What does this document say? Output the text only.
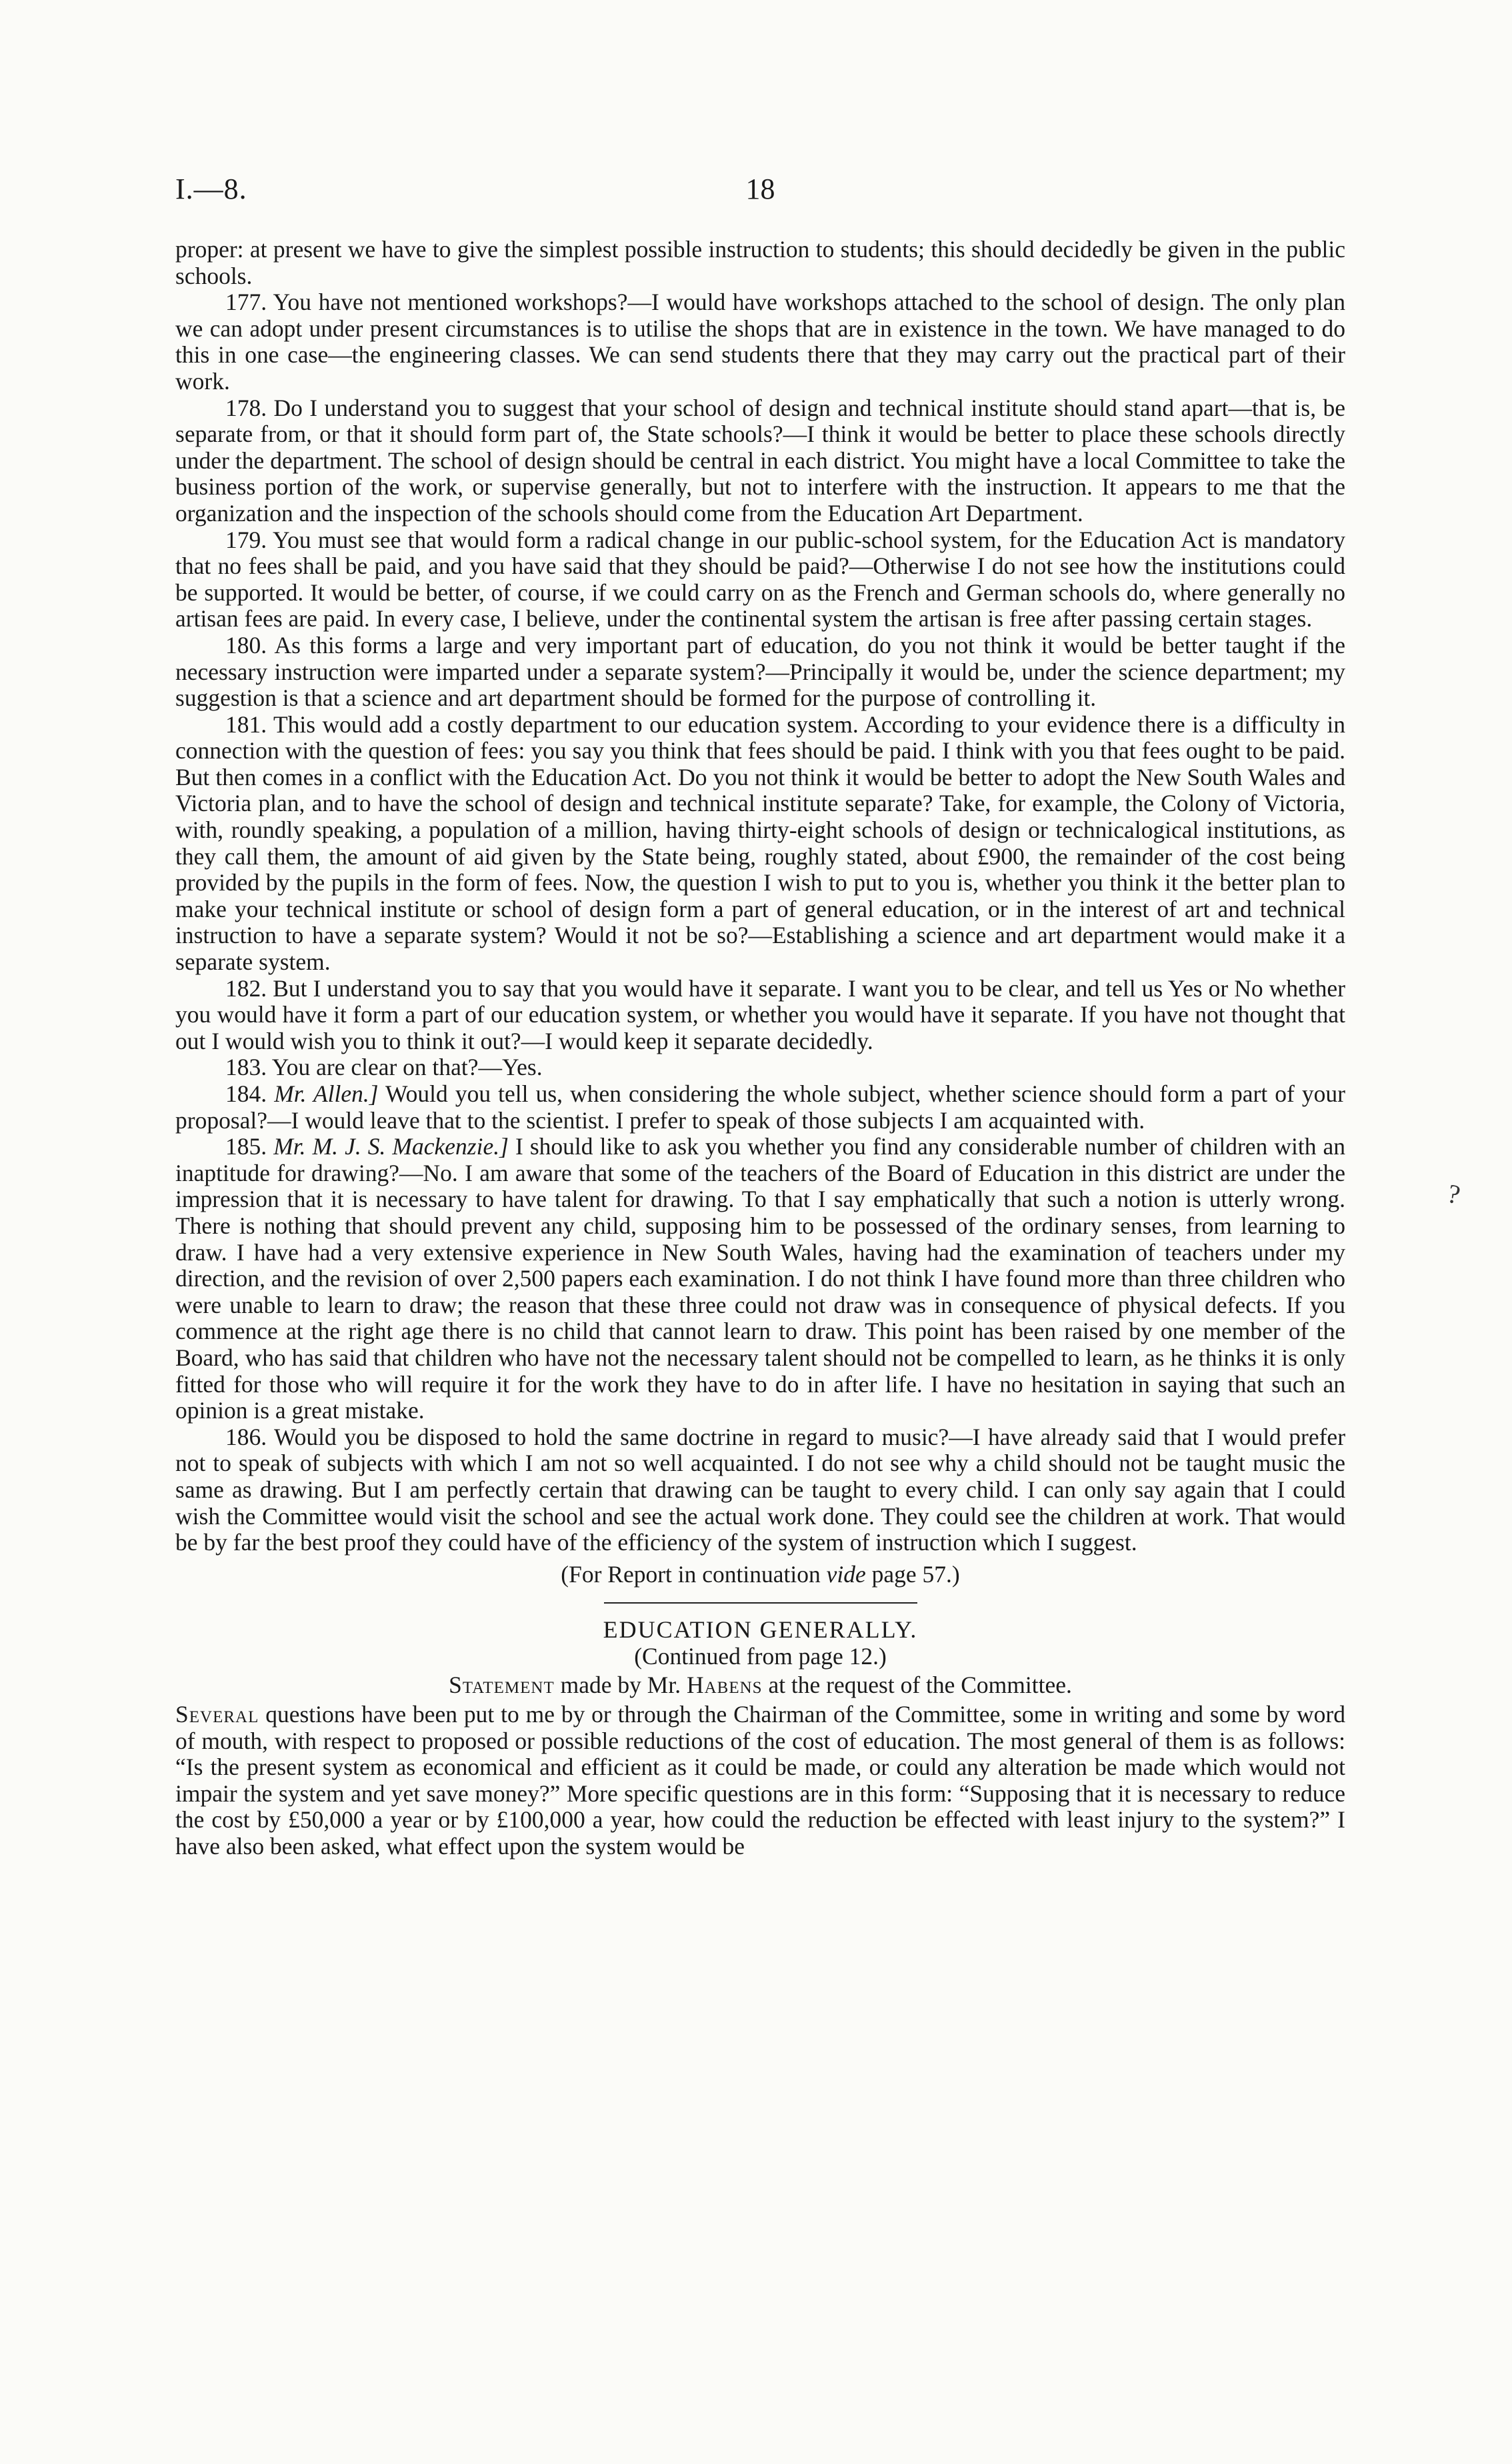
18
I.—8.
?

proper: at present we have to give the simplest possible instruction to students; this should decidedly be given in the public schools.

177. You have not mentioned workshops?—I would have workshops attached to the school of design. The only plan we can adopt under present circumstances is to utilise the shops that are in existence in the town. We have managed to do this in one case—the engineering classes. We can send students there that they may carry out the practical part of their work.

178. Do I understand you to suggest that your school of design and technical institute should stand apart—that is, be separate from, or that it should form part of, the State schools?—I think it would be better to place these schools directly under the department. The school of design should be central in each district. You might have a local Committee to take the business portion of the work, or supervise generally, but not to interfere with the instruction. It appears to me that the organization and the inspection of the schools should come from the Education Art Department.

179. You must see that would form a radical change in our public-school system, for the Education Act is mandatory that no fees shall be paid, and you have said that they should be paid?—Otherwise I do not see how the institutions could be supported. It would be better, of course, if we could carry on as the French and German schools do, where generally no artisan fees are paid. In every case, I believe, under the continental system the artisan is free after passing certain stages.

180. As this forms a large and very important part of education, do you not think it would be better taught if the necessary instruction were imparted under a separate system?—Principally it would be, under the science department; my suggestion is that a science and art department should be formed for the purpose of controlling it.

181. This would add a costly department to our education system. According to your evidence there is a difficulty in connection with the question of fees: you say you think that fees should be paid. I think with you that fees ought to be paid. But then comes in a conflict with the Education Act. Do you not think it would be better to adopt the New South Wales and Victoria plan, and to have the school of design and technical institute separate? Take, for example, the Colony of Victoria, with, roundly speaking, a population of a million, having thirty-eight schools of design or technicalogical institutions, as they call them, the amount of aid given by the State being, roughly stated, about £900, the remainder of the cost being provided by the pupils in the form of fees. Now, the question I wish to put to you is, whether you think it the better plan to make your technical institute or school of design form a part of general education, or in the interest of art and technical instruction to have a separate system? Would it not be so?—Establishing a science and art department would make it a separate system.

182. But I understand you to say that you would have it separate. I want you to be clear, and tell us Yes or No whether you would have it form a part of our education system, or whether you would have it separate. If you have not thought that out I would wish you to think it out?—I would keep it separate decidedly.

183. You are clear on that?—Yes.

184. Mr. Allen.] Would you tell us, when considering the whole subject, whether science should form a part of your proposal?—I would leave that to the scientist. I prefer to speak of those subjects I am acquainted with.

185. Mr. M. J. S. Mackenzie.] I should like to ask you whether you find any considerable number of children with an inaptitude for drawing?—No. I am aware that some of the teachers of the Board of Education in this district are under the impression that it is necessary to have talent for drawing. To that I say emphatically that such a notion is utterly wrong. There is nothing that should prevent any child, supposing him to be possessed of the ordinary senses, from learning to draw. I have had a very extensive experience in New South Wales, having had the examination of teachers under my direction, and the revision of over 2,500 papers each examination. I do not think I have found more than three children who were unable to learn to draw; the reason that these three could not draw was in consequence of physical defects. If you commence at the right age there is no child that cannot learn to draw. This point has been raised by one member of the Board, who has said that children who have not the necessary talent should not be compelled to learn, as he thinks it is only fitted for those who will require it for the work they have to do in after life. I have no hesitation in saying that such an opinion is a great mistake.

186. Would you be disposed to hold the same doctrine in regard to music?—I have already said that I would prefer not to speak of subjects with which I am not so well acquainted. I do not see why a child should not be taught music the same as drawing. But I am perfectly certain that drawing can be taught to every child. I can only say again that I could wish the Committee would visit the school and see the actual work done. They could see the children at work. That would be by far the best proof they could have of the efficiency of the system of instruction which I suggest.

(For Report in continuation vide page 57.)

EDUCATION GENERALLY.

(Continued from page 12.)

Statement made by Mr. Habens at the request of the Committee.

Several questions have been put to me by or through the Chairman of the Committee, some in writing and some by word of mouth, with respect to proposed or possible reductions of the cost of education. The most general of them is as follows: “Is the present system as economical and efficient as it could be made, or could any alteration be made which would not impair the system and yet save money?” More specific questions are in this form: “Supposing that it is necessary to reduce the cost by £50,000 a year or by £100,000 a year, how could the reduction be effected with least injury to the system?” I have also been asked, what effect upon the system would be
